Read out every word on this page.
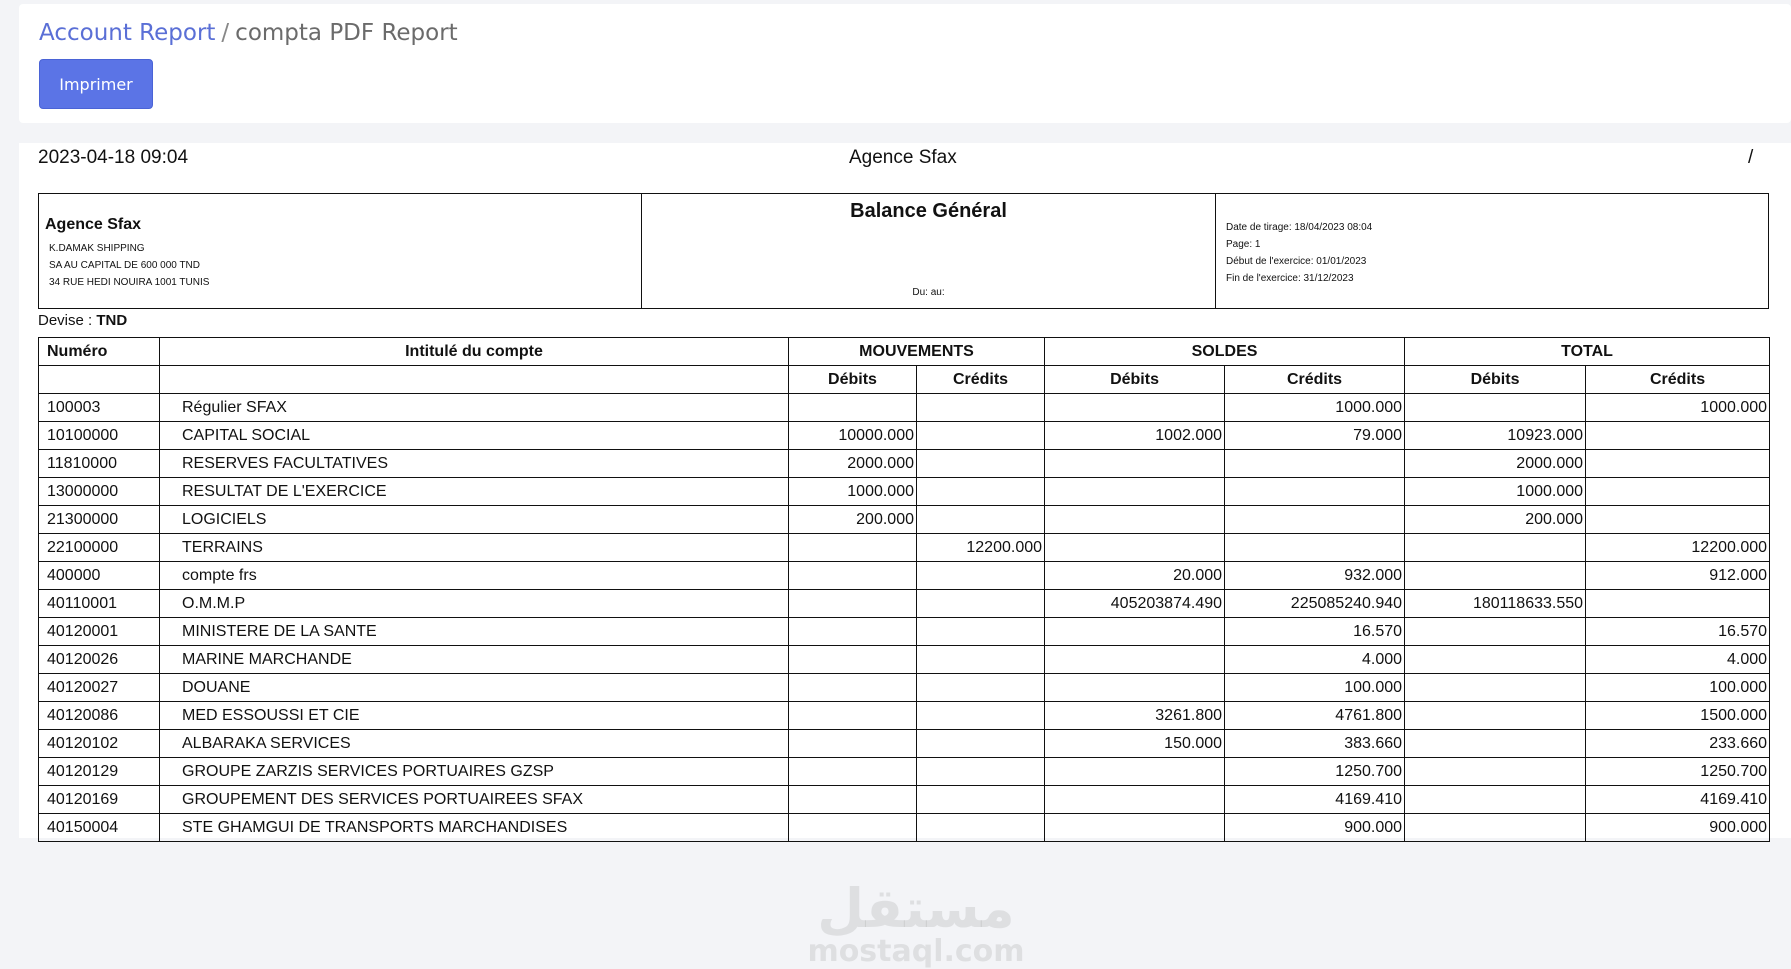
Account Report / compta PDF Report
Imprimer
2023-04-18 09:04	Agence Sfax	/
Agence Sfax
K.DAMAK SHIPPING
SA AU CAPITAL DE 600 000 TND
34 RUE HEDI NOUIRA 1001 TUNIS
Balance Général
Du: au:
Date de tirage: 18/04/2023 08:04
Page: 1
Début de l'exercice: 01/01/2023
Fin de l'exercice: 31/12/2023
Devise : TND
Numéro	Intitulé du compte	MOUVEMENTS		SOLDES		TOTAL	
		Débits	Crédits	Débits	Crédits	Débits	Crédits
100003	Régulier SFAX				1000.000		1000.000
10100000	CAPITAL SOCIAL	10000.000		1002.000	79.000	10923.000	
11810000	RESERVES FACULTATIVES	2000.000				2000.000	
13000000	RESULTAT DE L'EXERCICE	1000.000				1000.000	
21300000	LOGICIELS	200.000				200.000	
22100000	TERRAINS		12200.000				12200.000
400000	compte frs			20.000	932.000		912.000
40110001	O.M.M.P			405203874.490	225085240.940	180118633.550	
40120001	MINISTERE DE LA SANTE				16.570		16.570
40120026	MARINE MARCHANDE				4.000		4.000
40120027	DOUANE				100.000		100.000
40120086	MED ESSOUSSI ET CIE			3261.800	4761.800		1500.000
40120102	ALBARAKA SERVICES			150.000	383.660		233.660
40120129	GROUPE ZARZIS SERVICES PORTUAIRES GZSP				1250.700		1250.700
40120169	GROUPEMENT DES SERVICES PORTUAIREES SFAX				4169.410		4169.410
40150004	STE GHAMGUI DE TRANSPORTS MARCHANDISES				900.000		900.000
مستقل
mostaql.com
